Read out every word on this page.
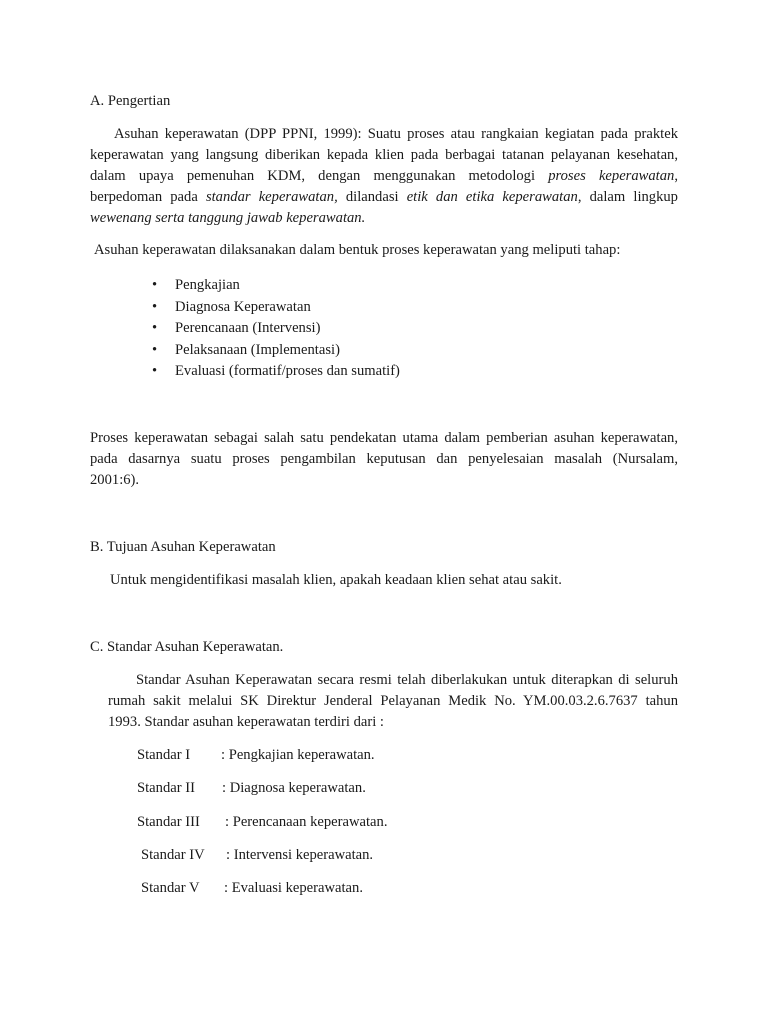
A. Pengertian
Asuhan keperawatan (DPP PPNI, 1999): Suatu proses atau rangkaian kegiatan pada praktek
keperawatan yang langsung diberikan kepada klien pada berbagai tatanan pelayanan kesehatan,
dalam upaya pemenuhan KDM, dengan menggunakan metodologi proses keperawatan,
berpedoman pada standar keperawatan, dilandasi etik dan etika keperawatan, dalam lingkup
wewenang serta tanggung jawab keperawatan.
Asuhan keperawatan dilaksanakan dalam bentuk proses keperawatan yang meliputi tahap:
• Pengkajian
• Diagnosa Keperawatan
• Perencanaan (Intervensi)
• Pelaksanaan (Implementasi)
• Evaluasi (formatif/proses dan sumatif)
Proses keperawatan sebagai salah satu pendekatan utama dalam pemberian asuhan keperawatan,
pada dasarnya suatu proses pengambilan keputusan dan penyelesaian masalah (Nursalam,
2001:6).
B. Tujuan Asuhan Keperawatan
Untuk mengidentifikasi masalah klien, apakah keadaan klien sehat atau sakit.
C. Standar Asuhan Keperawatan.
Standar Asuhan Keperawatan secara resmi telah diberlakukan untuk diterapkan di seluruh
rumah sakit melalui SK Direktur Jenderal Pelayanan Medik No. YM.00.03.2.6.7637 tahun
1993. Standar asuhan keperawatan terdiri dari :
Standar I : Pengkajian keperawatan.
Standar II : Diagnosa keperawatan.
Standar III : Perencanaan keperawatan.
Standar IV : Intervensi keperawatan.
Standar V : Evaluasi keperawatan.
